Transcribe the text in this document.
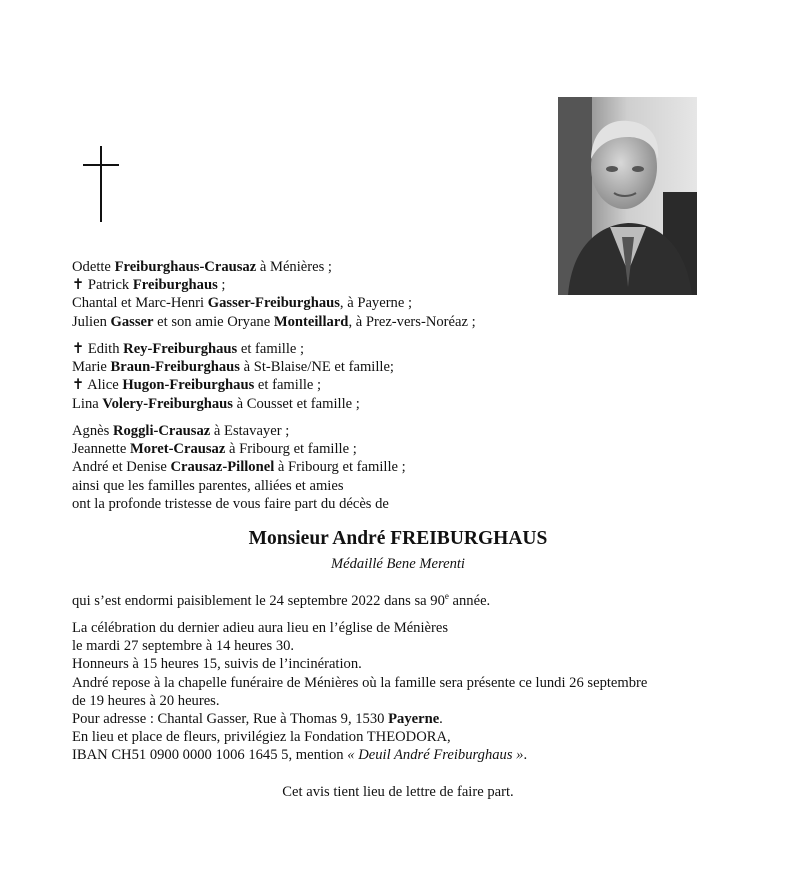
Odette Freiburghaus-Crausaz à Ménières ;
✝ Patrick Freiburghaus ;
Chantal et Marc-Henri Gasser-Freiburghaus, à Payerne ;
Julien Gasser et son amie Oryane Monteillard, à Prez-vers-Noréaz ;
✝ Edith Rey-Freiburghaus et famille ;
Marie Braun-Freiburghaus à St-Blaise/NE et famille;
✝ Alice Hugon-Freiburghaus et famille ;
Lina Volery-Freiburghaus à Cousset et famille ;
Agnès Roggli-Crausaz à Estavayer ;
Jeannette Moret-Crausaz à Fribourg et famille ;
André et Denise Crausaz-Pillonel à Fribourg et famille ;
ainsi que les familles parentes, alliées et amies
ont la profonde tristesse de vous faire part du décès de
Monsieur André FREIBURGHAUS
Médaillé Bene Merenti
qui s’est endormi paisiblement le 24 septembre 2022 dans sa 90e année.
La célébration du dernier adieu aura lieu en l’église de Ménières
le mardi 27 septembre à 14 heures 30.
Honneurs à 15 heures 15, suivis de l’incinération.
André repose à la chapelle funéraire de Ménières où la famille sera présente ce lundi 26 septembre
de 19 heures à 20 heures.
Pour adresse : Chantal Gasser, Rue à Thomas 9, 1530 Payerne.
En lieu et place de fleurs, privilégiez la Fondation THEODORA,
IBAN CH51 0900 0000 1006 1645 5, mention « Deuil André Freiburghaus ».
Cet avis tient lieu de lettre de faire part.
